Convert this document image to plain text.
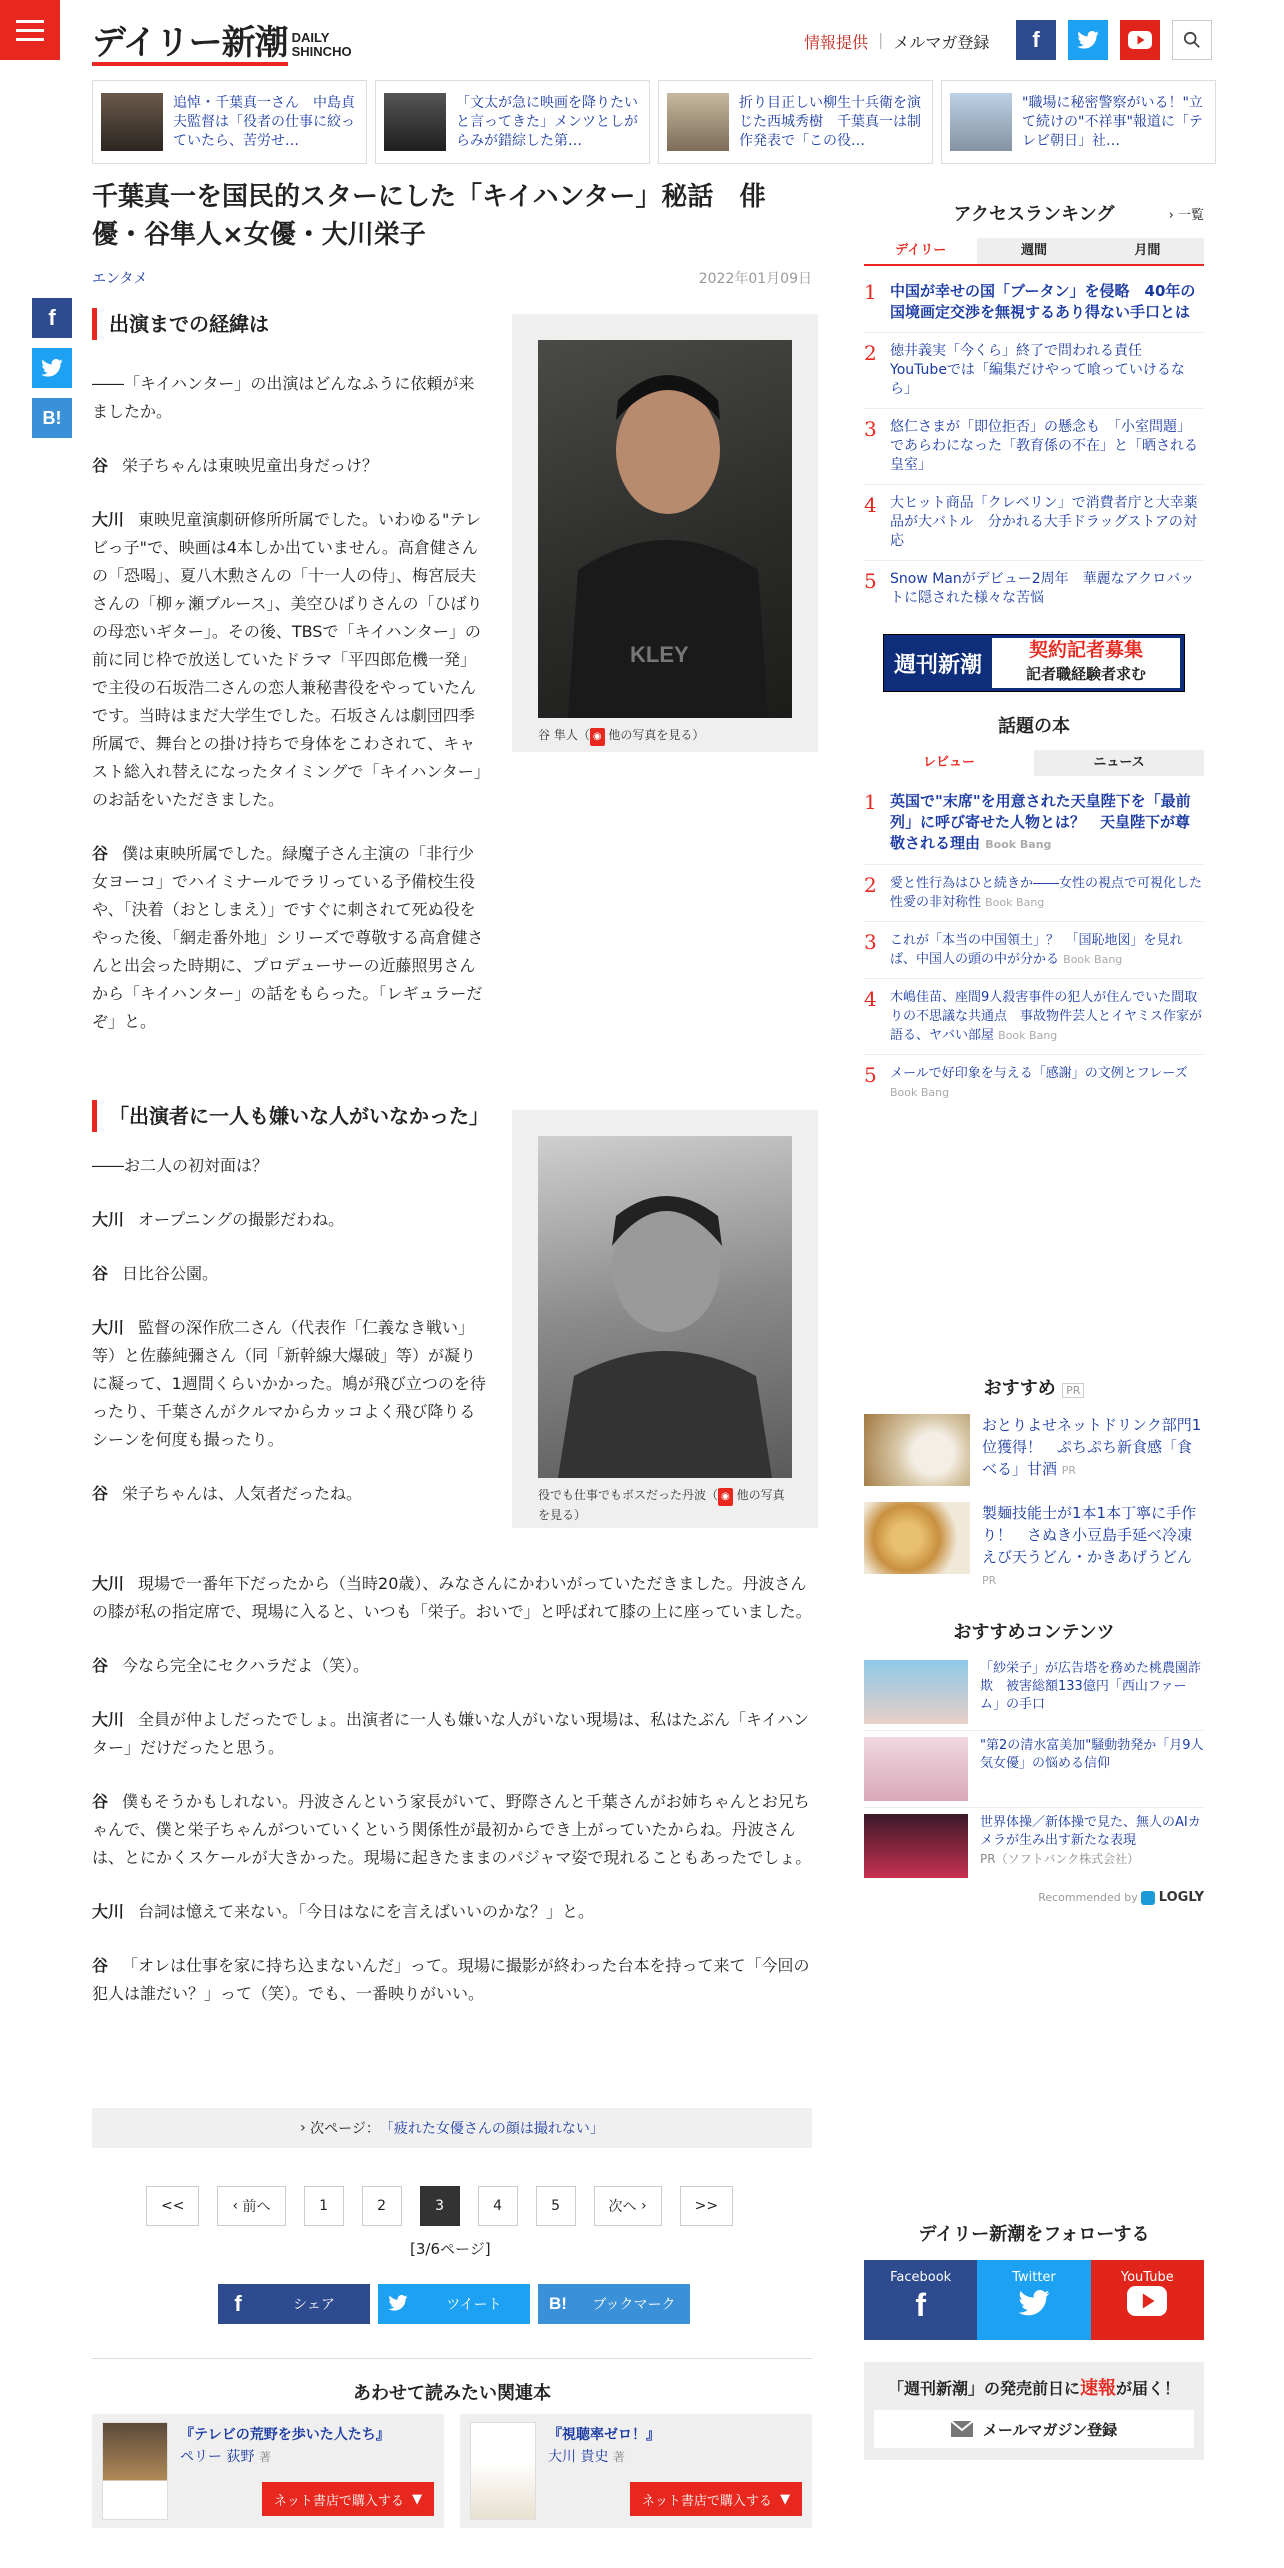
デイリー新潮 DAILY
SHINCHO	情報提供 | メルマガ登録	f
追悼・千葉真一さん　中島貞夫監督は「役者の仕事に絞っていたら、苦労せ…
「文太が急に映画を降りたいと言ってきた」メンツとしがらみが錯綜した第…
折り目正しい柳生十兵衛を演じた西城秀樹　千葉真一は制作発表で「この役…
"職場に秘密警察がいる！"立て続けの"不祥事"報道に「テレビ朝日」社…
f
B!
千葉真一を国民的スターにした「キイハンター」秘話　俳優・谷隼人×女優・大川栄子
エンタメ	2022年01月09日
KLEY
谷 隼人（ ◉ 他の写真を見る）
役でも仕事でもボスだった丹波（ ◉ 他の写真を見る）
出演までの経緯は

――「キイハンター」の出演はどんなふうに依頼が来ましたか。

谷 栄子ちゃんは東映児童出身だっけ？

大川 東映児童演劇研修所所属でした。いわゆる"テレビっ子"で、映画は4本しか出ていません。高倉健さんの「恐喝」、夏八木勲さんの「十一人の侍」、梅宮辰夫さんの「柳ヶ瀬ブルース」、美空ひばりさんの「ひばりの母恋いギター」。その後、TBSで「キイハンター」の前に同じ枠で放送していたドラマ「平四郎危機一発」で主役の石坂浩二さんの恋人兼秘書役をやっていたんです。当時はまだ大学生でした。石坂さんは劇団四季所属で、舞台との掛け持ちで身体をこわされて、キャスト総入れ替えになったタイミングで「キイハンター」のお話をいただきました。

谷 僕は東映所属でした。緑魔子さん主演の「非行少女ヨーコ」でハイミナールでラリっている予備校生役や、「決着（おとしまえ）」ですぐに刺されて死ぬ役をやった後、「網走番外地」シリーズで尊敬する高倉健さんと出会った時期に、プロデューサーの近藤照男さんから「キイハンター」の話をもらった。「レギュラーだぞ」と。

「出演者に一人も嫌いな人がいなかった」

――お二人の初対面は？

大川 オープニングの撮影だわね。

谷 日比谷公園。

大川 監督の深作欣二さん（代表作「仁義なき戦い」等）と佐藤純彌さん（同「新幹線大爆破」等）が凝りに凝って、1週間くらいかかった。鳩が飛び立つのを待ったり、千葉さんがクルマからカッコよく飛び降りるシーンを何度も撮ったり。

谷 栄子ちゃんは、人気者だったね。

大川 現場で一番年下だったから（当時20歳）、みなさんにかわいがっていただきました。丹波さんの膝が私の指定席で、現場に入ると、いつも「栄子。おいで」と呼ばれて膝の上に座っていました。

谷 今なら完全にセクハラだよ（笑）。

大川 全員が仲よしだったでしょ。出演者に一人も嫌いな人がいない現場は、私はたぶん「キイハンター」だけだったと思う。

谷 僕もそうかもしれない。丹波さんという家長がいて、野際さんと千葉さんがお姉ちゃんとお兄ちゃんで、僕と栄子ちゃんがついていくという関係性が最初からでき上がっていたからね。丹波さんは、とにかくスケールが大きかった。現場に起きたままのパジャマ姿で現れることもあったでしょ。

大川 台詞は憶えて来ない。「今日はなにを言えばいいのかな？」と。

谷 「オレは仕事を家に持ち込まないんだ」って。現場に撮影が終わった台本を持って来て「今回の犯人は誰だい？」って（笑）。でも、一番映りがいい。

› 次ページ： 「疲れた女優さんの顔は撮れない」
<<	‹ 前へ	1	2	3	4	5	次へ ›	>>
[3/6ページ]
f	シェア	ツイート	B!	ブックマーク
あわせて読みたい関連本
『テレビの荒野を歩いた人たち』
ペリー 荻野 著
ネット書店で購入する
▼
『視聴率ゼロ！』
大川 貴史 著
ネット書店で購入する
▼
アクセスランキング	› 一覧
デイリー	週間	月間
1 中国が幸せの国「ブータン」を侵略　40年の国境画定交渉を無視するあり得ない手口とは
2 徳井義実「今くら」終了で問われる責任　YouTubeでは「編集だけやって喰っていけるなら」
3 悠仁さまが「即位拒否」の懸念も　「小室問題」であらわになった「教育係の不在」と「晒される皇室」
4 大ヒット商品「クレベリン」で消費者庁と大幸薬品が大バトル　分かれる大手ドラッグストアの対応
5 Snow Manがデビュー2周年　華麗なアクロバットに隠された様々な苦悩
週刊新潮
契約記者募集
記者職経験者求む
話題の本
レビュー	ニュース
1 英国で"末席"を用意された天皇陛下を「最前列」に呼び寄せた人物とは？　天皇陛下が尊敬される理由 Book Bang
2 愛と性行為はひと続きか――女性の視点で可視化した性愛の非対称性 Book Bang
3 これが「本当の中国領土」？　「国恥地図」を見れば、中国人の頭の中が分かる Book Bang
4 木嶋佳苗、座間9人殺害事件の犯人が住んでいた間取りの不思議な共通点　事故物件芸人とイヤミス作家が語る、ヤバい部屋 Book Bang
5 メールで好印象を与える「感謝」の文例とフレーズ Book Bang
おすすめ PR
おとりよせネットドリンク部門1位獲得！　ぷちぷち新食感「食べる」甘酒 PR
製麺技能士が1本1本丁寧に手作り！　さぬき小豆島手延べ冷凍えび天うどん・かきあげうどん PR
おすすめコンテンツ
「紗栄子」が広告塔を務めた桃農園詐欺　被害総額133億円「西山ファーム」の手口
"第2の清水富美加"騒動勃発か「月9人気女優」の悩める信仰
世界体操／新体操で見た、無人のAIカメラが生み出す新たな表現
PR（ソフトバンク株式会社）
Recommended by LOGLY
デイリー新潮をフォローする
Facebook
f
Twitter	YouTube
「週刊新潮」の発売前日に速報が届く！
メールマガジン登録
